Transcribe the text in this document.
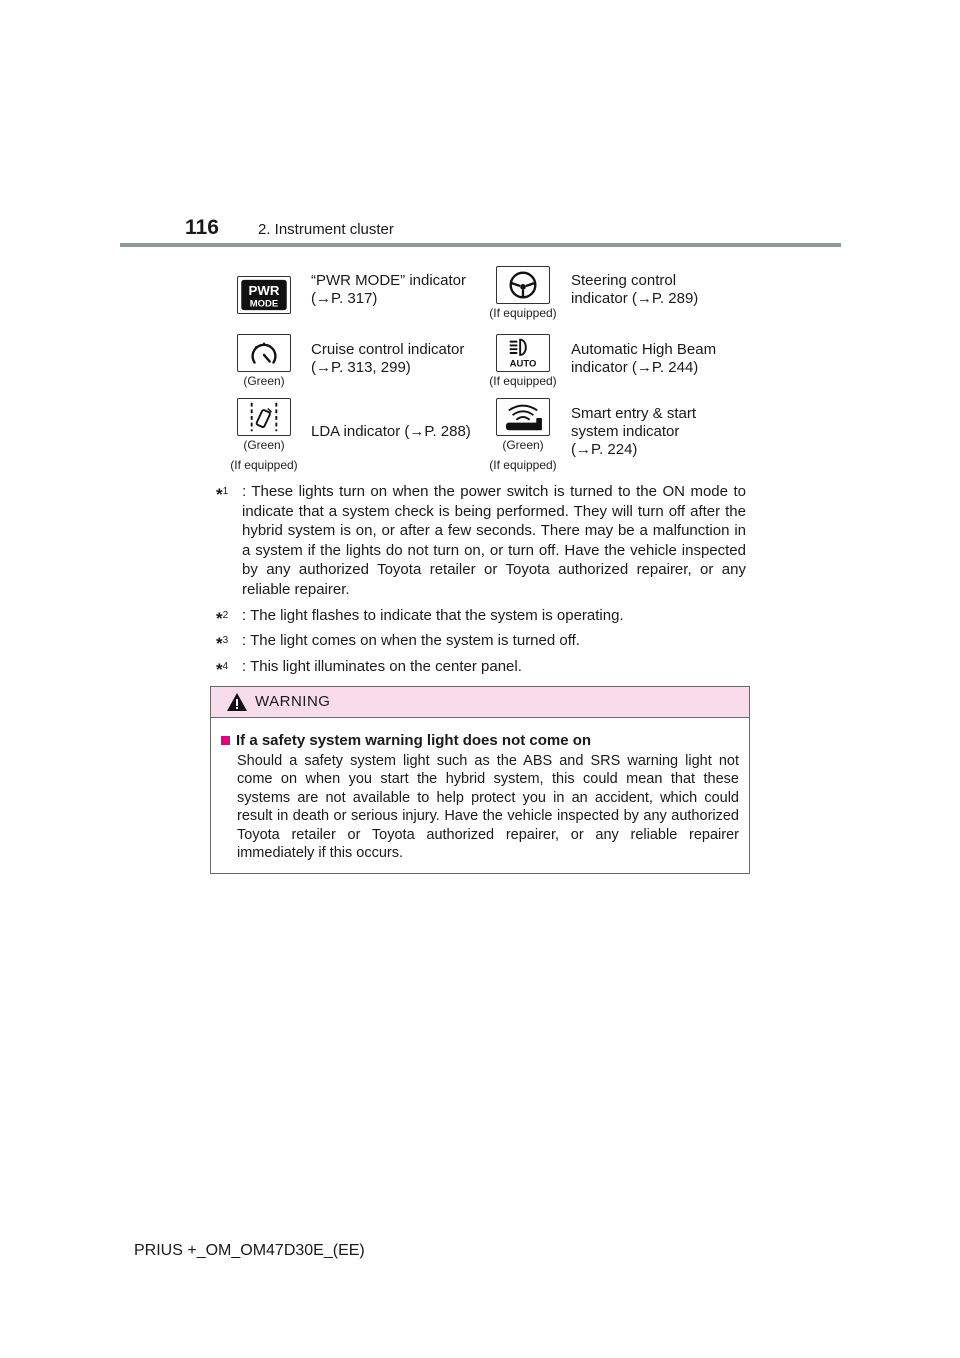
116	2. Instrument cluster
PWR
MODE
“PWR MODE” indicator
(→P. 317)
(If equipped)
Steering control
indicator (→P. 289)
(Green)
Cruise control indicator
(→P. 313, 299)	AUTO
(If equipped)
Automatic High Beam
indicator (→P. 244)
(Green)
(If equipped)
LDA indicator (→P. 288)
(Green)
(If equipped)
Smart entry & start
system indicator
(→P. 224)
*$^1$ : These lights turn on when the power switch is turned to the ON mode to indicate that a system check is being performed. They will turn off after the hybrid system is on, or after a few seconds. There may be a malfunction in a system if the lights do not turn on, or turn off. Have the vehicle inspected by any authorized Toyota retailer or Toyota authorized repairer, or any reliable repairer.
*$^2$ : The light flashes to indicate that the system is operating.
*$^3$ : The light comes on when the system is turned off.
*$^4$ : This light illuminates on the center panel.
WARNING
If a safety system warning light does not come on
Should a safety system light such as the ABS and SRS warning light not come on when you start the hybrid system, this could mean that these systems are not available to help protect you in an accident, which could result in death or serious injury. Have the vehicle inspected by any authorized Toyota retailer or Toyota authorized repairer, or any reliable repairer immediately if this occurs.
PRIUS +_OM_OM47D30E_(EE)
